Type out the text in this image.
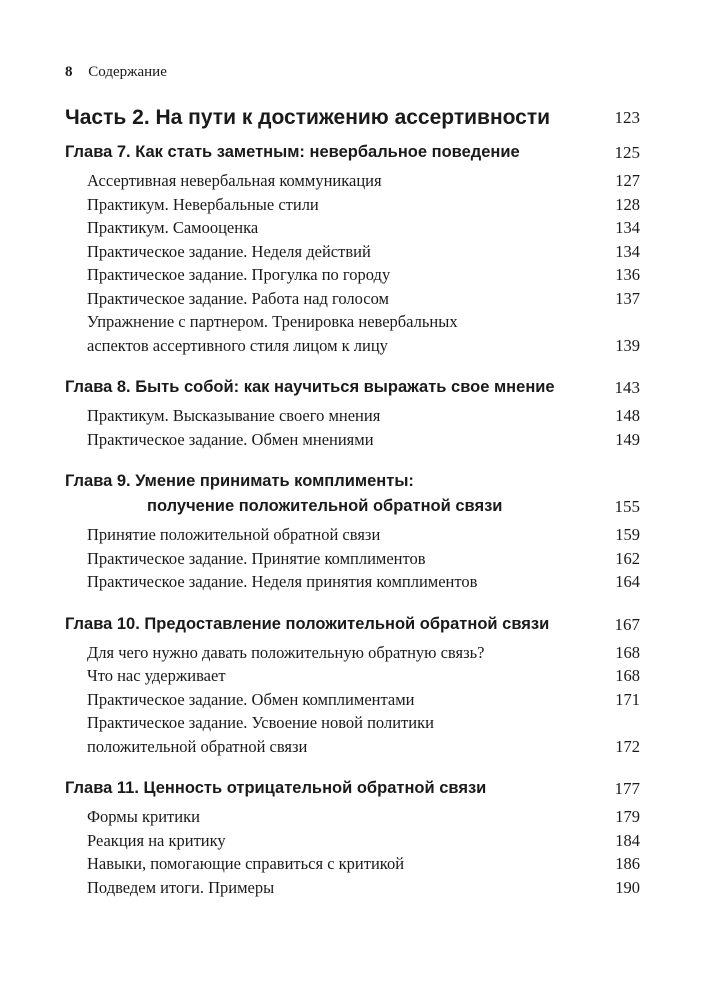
8 Содержание
Часть 2. На пути к достижению ассертивности	123
Глава 7. Как стать заметным: невербальное поведение	125
Ассертивная невербальная коммуникация	127
Практикум. Невербальные стили	128
Практикум. Самооценка	134
Практическое задание. Неделя действий	134
Практическое задание. Прогулка по городу	136
Практическое задание. Работа над голосом	137
Упражнение с партнером. Тренировка невербальных
аспектов ассертивного стиля лицом к лицу	139
Глава 8. Быть собой: как научиться выражать свое мнение	143
Практикум. Высказывание своего мнения	148
Практическое задание. Обмен мнениями	149
Глава 9. Умение принимать комплименты:
получение положительной обратной связи	155
Принятие положительной обратной связи	159
Практическое задание. Принятие комплиментов	162
Практическое задание. Неделя принятия комплиментов	164
Глава 10. Предоставление положительной обратной связи	167
Для чего нужно давать положительную обратную связь?	168
Что нас удерживает	168
Практическое задание. Обмен комплиментами	171
Практическое задание. Усвоение новой политики
положительной обратной связи	172
Глава 11. Ценность отрицательной обратной связи	177
Формы критики	179
Реакция на критику	184
Навыки, помогающие справиться с критикой	186
Подведем итоги. Примеры	190
